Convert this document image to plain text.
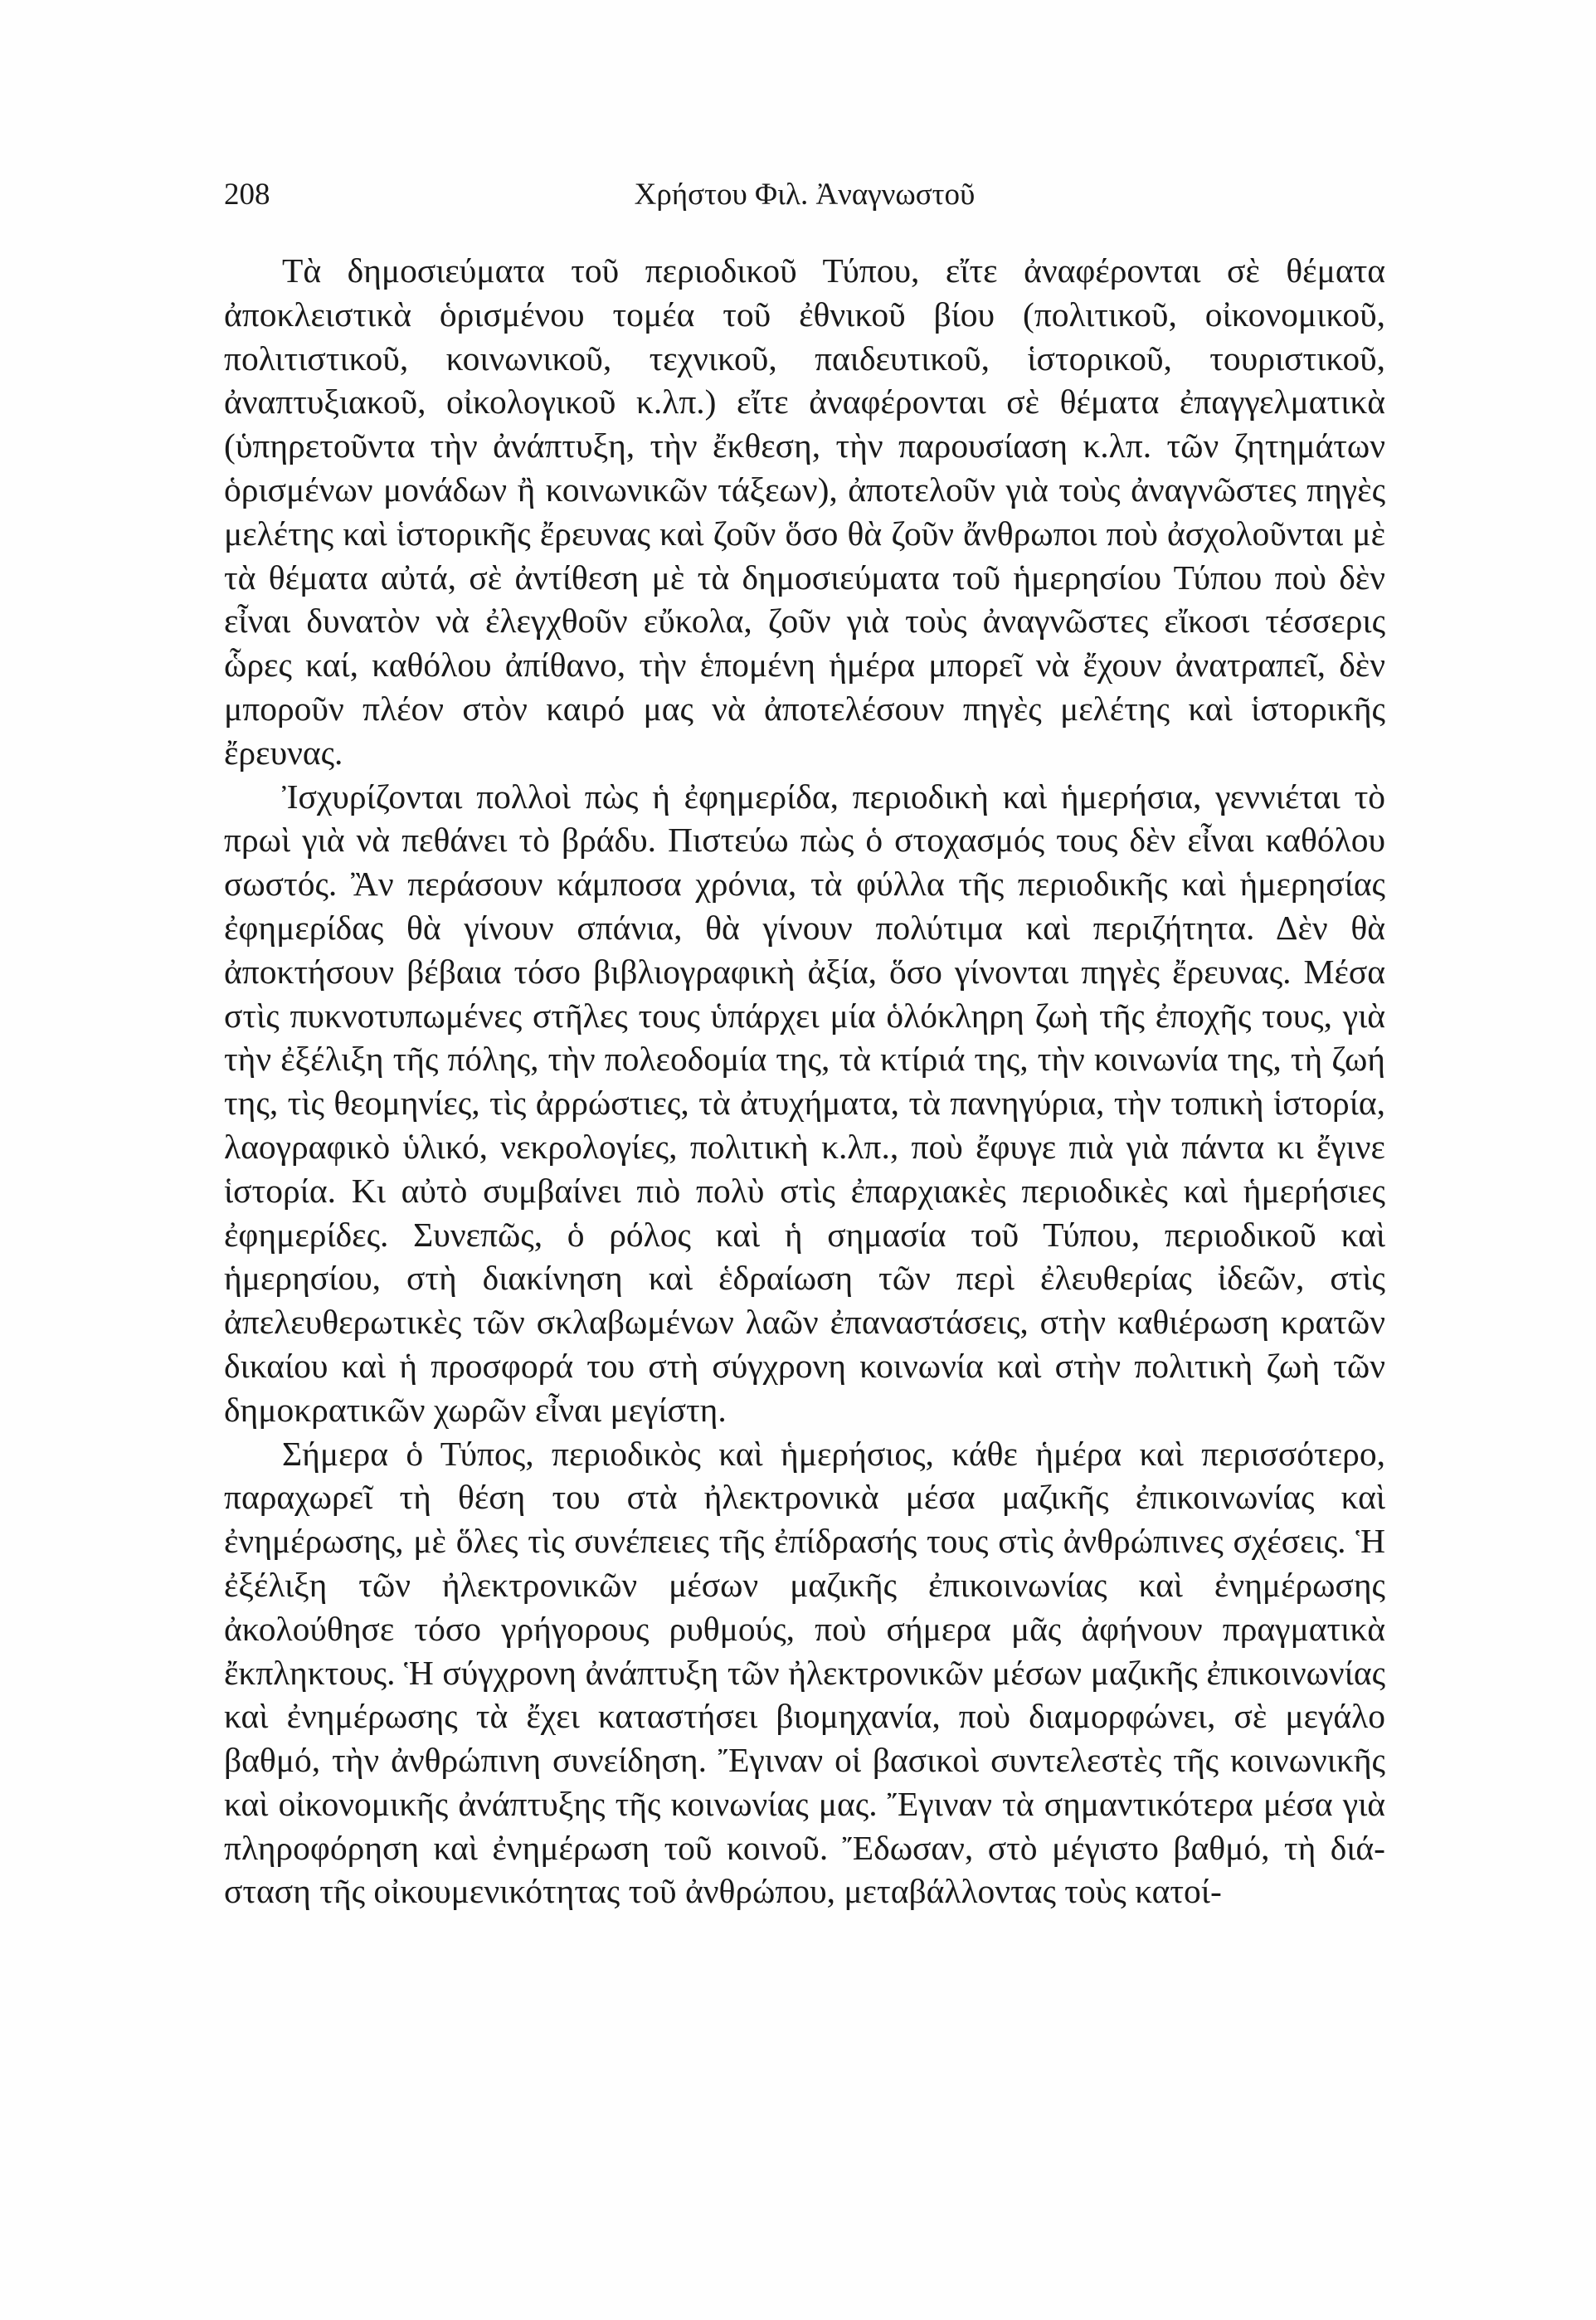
208	Χρήστου Φιλ. Ἀναγνωστοῦ

Τὰ δημοσιεύματα τοῦ περιοδικοῦ Τύπου, εἴτε ἀναφέρονται σὲ θέματα ἀποκλειστικὰ ὁρισμένου τομέα τοῦ ἐθνικοῦ βίου (πολιτικοῦ, οἰκονομικοῦ, πολιτιστικοῦ, κοινωνικοῦ, τεχνικοῦ, παιδευτικοῦ, ἱστορικοῦ, τουριστικοῦ, ἀναπτυξιακοῦ, οἰκολογικοῦ κ.λπ.) εἴτε ἀναφέρονται σὲ θέματα ἐπαγγελματικὰ (ὑπηρετοῦντα τὴν ἀνάπτυξη, τὴν ἔκθεση, τὴν παρουσίαση κ.λπ. τῶν ζητημάτων ὁρισμένων μονάδων ἢ κοινωνικῶν τάξεων), ἀποτελοῦν γιὰ τοὺς ἀναγνῶστες πηγὲς μελέτης καὶ ἱστορικῆς ἔρευνας καὶ ζοῦν ὅσο θὰ ζοῦν ἄνθρωποι ποὺ ἀσχολοῦνται μὲ τὰ θέματα αὐτά, σὲ ἀντίθεση μὲ τὰ δημοσιεύματα τοῦ ἡμερησίου Τύπου ποὺ δὲν εἶναι δυνατὸν νὰ ἐλεγχθοῦν εὔκολα, ζοῦν γιὰ τοὺς ἀναγνῶστες εἴκοσι τέσσερις ὧρες καί, καθόλου ἀπίθανο, τὴν ἑπομένη ἡμέρα μπορεῖ νὰ ἔχουν ἀνατραπεῖ, δὲν μποροῦν πλέον στὸν καιρό μας νὰ ἀποτελέσουν πηγὲς μελέτης καὶ ἱστορικῆς ἔρευνας.

Ἰσχυρίζονται πολλοὶ πὼς ἡ ἐφημερίδα, περιοδικὴ καὶ ἡμερήσια, γεννιέται τὸ πρωὶ γιὰ νὰ πεθάνει τὸ βράδυ. Πιστεύω πὼς ὁ στοχασμός τους δὲν εἶναι καθόλου σωστός. Ἂν περάσουν κάμποσα χρόνια, τὰ φύλλα τῆς περιοδικῆς καὶ ἡμερησίας ἐφημερίδας θὰ γίνουν σπάνια, θὰ γίνουν πολύτιμα καὶ περιζήτητα. Δὲν θὰ ἀποκτήσουν βέβαια τόσο βιβλιογραφικὴ ἀξία, ὅσο γίνονται πηγὲς ἔρευνας. Μέσα στὶς πυκνοτυπωμένες στῆλες τους ὑπάρχει μία ὁλόκληρη ζωὴ τῆς ἐποχῆς τους, γιὰ τὴν ἐξέλιξη τῆς πόλης, τὴν πολεοδομία της, τὰ κτίριά της, τὴν κοινωνία της, τὴ ζωή της, τὶς θεομηνίες, τὶς ἀρρώστιες, τὰ ἀτυχήματα, τὰ πανηγύρια, τὴν τοπικὴ ἱστορία, λαογραφικὸ ὑλικό, νεκρολογίες, πολιτικὴ κ.λπ., ποὺ ἔφυγε πιὰ γιὰ πάντα κι ἔγινε ἱστορία. Κι αὐτὸ συμβαίνει πιὸ πολὺ στὶς ἐπαρχιακὲς περιοδικὲς καὶ ἡμερήσιες ἐφημερίδες. Συνεπῶς, ὁ ρόλος καὶ ἡ σημασία τοῦ Τύπου, περιοδικοῦ καὶ ἡμερησίου, στὴ διακίνηση καὶ ἑδραίωση τῶν περὶ ἐλευθερίας ἰδεῶν, στὶς ἀπελευθερωτικὲς τῶν σκλαβωμένων λαῶν ἐπαναστάσεις, στὴν καθιέρωση κρατῶν δικαίου καὶ ἡ προσφορά του στὴ σύγχρονη κοινωνία καὶ στὴν πολιτικὴ ζωὴ τῶν δημοκρατικῶν χωρῶν εἶναι μεγίστη.

Σήμερα ὁ Τύπος, περιοδικὸς καὶ ἡμερήσιος, κάθε ἡμέρα καὶ περισσότερο, παραχωρεῖ τὴ θέση του στὰ ἠλεκτρονικὰ μέσα μαζικῆς ἐπικοινωνίας καὶ ἐνημέρωσης, μὲ ὅλες τὶς συνέπειες τῆς ἐπίδρασής τους στὶς ἀνθρώπινες σχέσεις. Ἡ ἐξέλιξη τῶν ἠλεκτρονικῶν μέσων μαζικῆς ἐπικοινωνίας καὶ ἐνημέρωσης ἀκολούθησε τόσο γρήγορους ρυθμούς, ποὺ σήμερα μᾶς ἀφήνουν πραγματικὰ ἔκπληκτους. Ἡ σύγχρονη ἀνάπτυξη τῶν ἠλεκτρονικῶν μέσων μαζικῆς ἐπικοινωνίας καὶ ἐνημέρωσης τὰ ἔχει καταστήσει βιομηχανία, ποὺ διαμορφώνει, σὲ μεγάλο βαθμό, τὴν ἀνθρώπινη συνείδηση. Ἔγιναν οἱ βασικοὶ συντελεστὲς τῆς κοινωνικῆς καὶ οἰκονομικῆς ἀνάπτυξης τῆς κοινωνίας μας. Ἔγιναν τὰ σημαντικότερα μέσα γιὰ πληροφόρηση καὶ ἐνημέρωση τοῦ κοινοῦ. Ἔδωσαν, στὸ μέγιστο βαθμό, τὴ διάσταση τῆς οἰκουμενικότητας τοῦ ἀνθρώπου, μεταβάλλοντας τοὺς κατοί-
